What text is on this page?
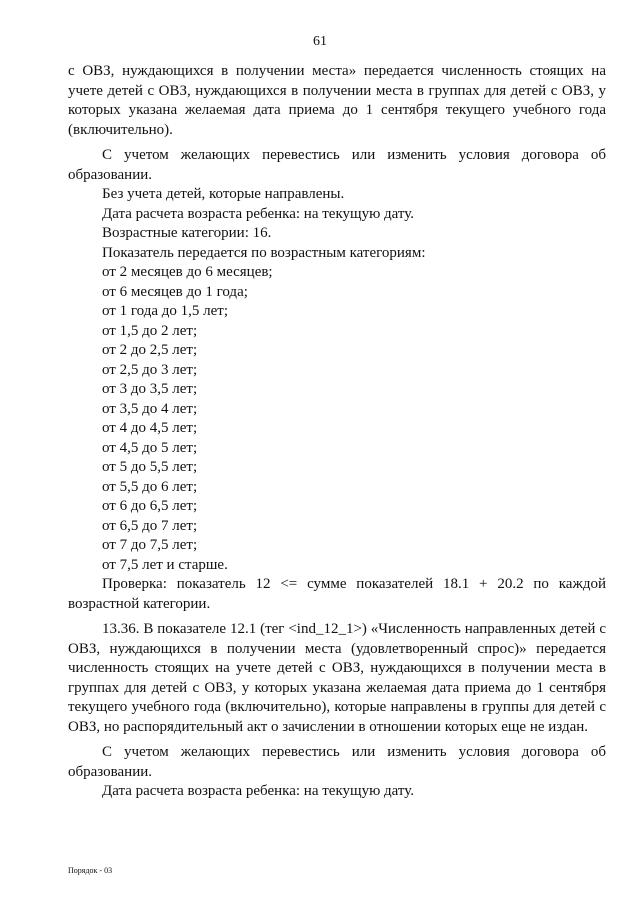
61

с ОВЗ, нуждающихся в получении места» передается численность стоящих на учете детей с ОВЗ, нуждающихся в получении места в группах для детей с ОВЗ, у которых указана желаемая дата приема до 1 сентября текущего учебного года (включительно).

С учетом желающих перевестись или изменить условия договора об образовании.

Без учета детей, которые направлены.

Дата расчета возраста ребенка: на текущую дату.

Возрастные категории: 16.

Показатель передается по возрастным категориям:

от 2 месяцев до 6 месяцев;

от 6 месяцев до 1 года;

от 1 года до 1,5 лет;

от 1,5 до 2 лет;

от 2 до 2,5 лет;

от 2,5 до 3 лет;

от 3 до 3,5 лет;

от 3,5 до 4 лет;

от 4 до 4,5 лет;

от 4,5 до 5 лет;

от 5 до 5,5 лет;

от 5,5 до 6 лет;

от 6 до 6,5 лет;

от 6,5 до 7 лет;

от 7 до 7,5 лет;

от 7,5 лет и старше.

Проверка: показатель 12 <= сумме показателей 18.1 + 20.2 по каждой возрастной категории.

13.36. В показателе 12.1 (тег <ind_12_1>) «Численность направленных детей с ОВЗ, нуждающихся в получении места (удовлетворенный спрос)» передается численность стоящих на учете детей с ОВЗ, нуждающихся в получении места в группах для детей с ОВЗ, у которых указана желаемая дата приема до 1 сентября текущего учебного года (включительно), которые направлены в группы для детей с ОВЗ, но распорядительный акт о зачислении в отношении которых еще не издан.

С учетом желающих перевестись или изменить условия договора об образовании.

Дата расчета возраста ребенка: на текущую дату.

Порядок - 03
